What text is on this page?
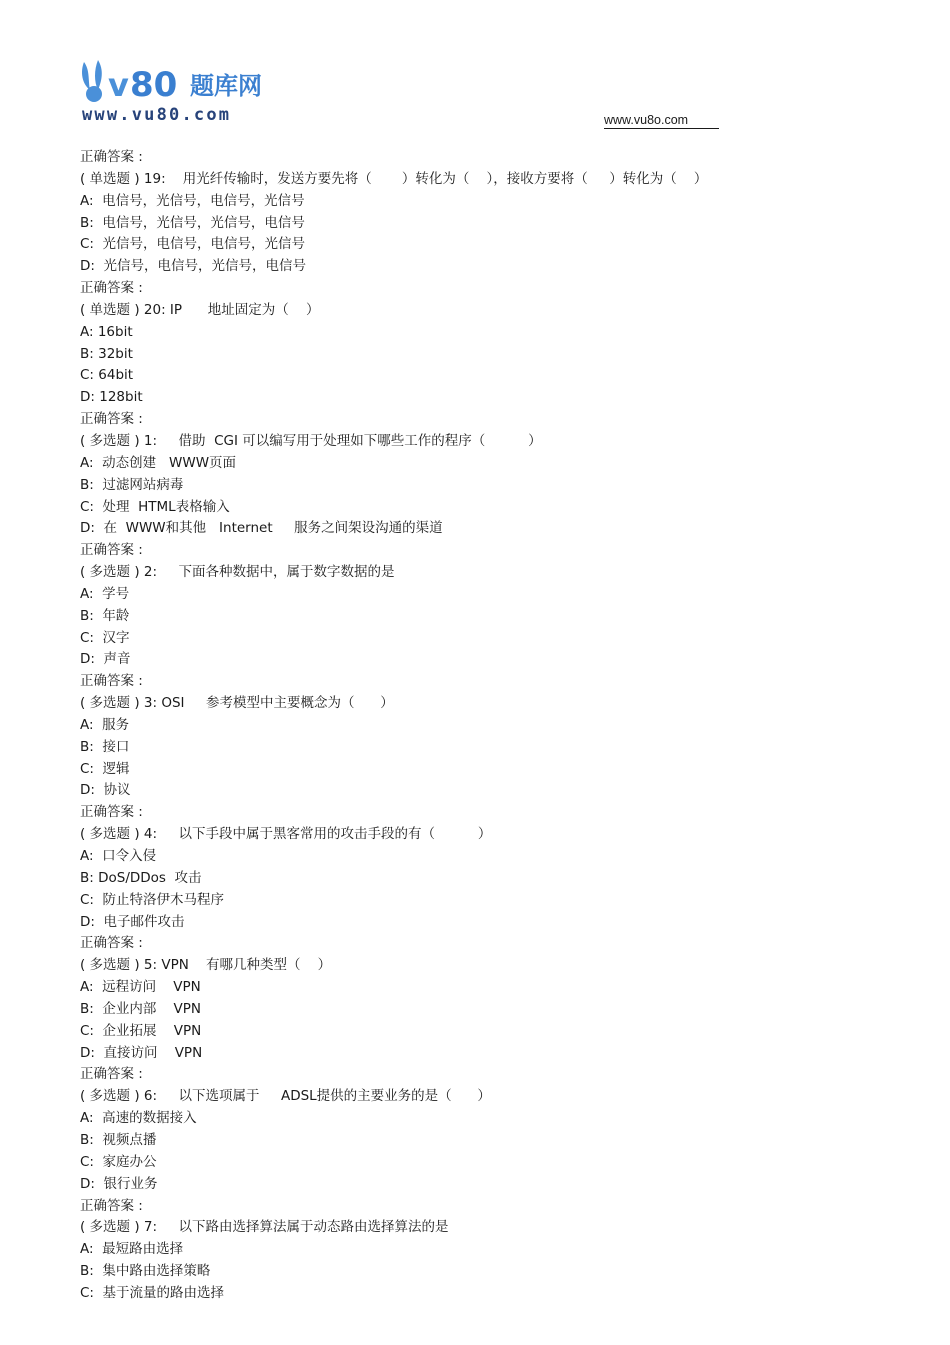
v 80 题库网
www.vu80.com	www.vu8o.com
正确答案 :
( 单选题 ) 19:    用光纤传输时，发送方要先将（       ）转化为（    ），接收方要将（     ）转化为（    ）
A:  电信号，光信号，电信号，光信号
B:  电信号，光信号，光信号，电信号
C:  光信号，电信号，电信号，光信号
D:  光信号，电信号，光信号，电信号
正确答案 :
( 单选题 ) 20: IP      地址固定为（    ）
A: 16bit
B: 32bit
C: 64bit
D: 128bit
正确答案 :
( 多选题 ) 1:     借助  CGI 可以编写用于处理如下哪些工作的程序（          ）
A:  动态创建   WWW页面
B:  过滤网站病毒
C:  处理  HTML表格输入
D:  在  WWW和其他   Internet     服务之间架设沟通的渠道
正确答案 :
( 多选题 ) 2:     下面各种数据中，属于数字数据的是
A:  学号
B:  年龄
C:  汉字
D:  声音
正确答案 :
( 多选题 ) 3: OSI     参考模型中主要概念为（      ）
A:  服务
B:  接口
C:  逻辑
D:  协议
正确答案 :
( 多选题 ) 4:     以下手段中属于黑客常用的攻击手段的有（          ）
A:  口令入侵
B: DoS/DDos  攻击
C:  防止特洛伊木马程序
D:  电子邮件攻击
正确答案 :
( 多选题 ) 5: VPN    有哪几种类型（    ）
A:  远程访问    VPN
B:  企业内部    VPN
C:  企业拓展    VPN
D:  直接访问    VPN
正确答案 :
( 多选题 ) 6:     以下选项属于     ADSL提供的主要业务的是（      ）
A:  高速的数据接入
B:  视频点播
C:  家庭办公
D:  银行业务
正确答案 :
( 多选题 ) 7:     以下路由选择算法属于动态路由选择算法的是
A:  最短路由选择
B:  集中路由选择策略
C:  基于流量的路由选择
